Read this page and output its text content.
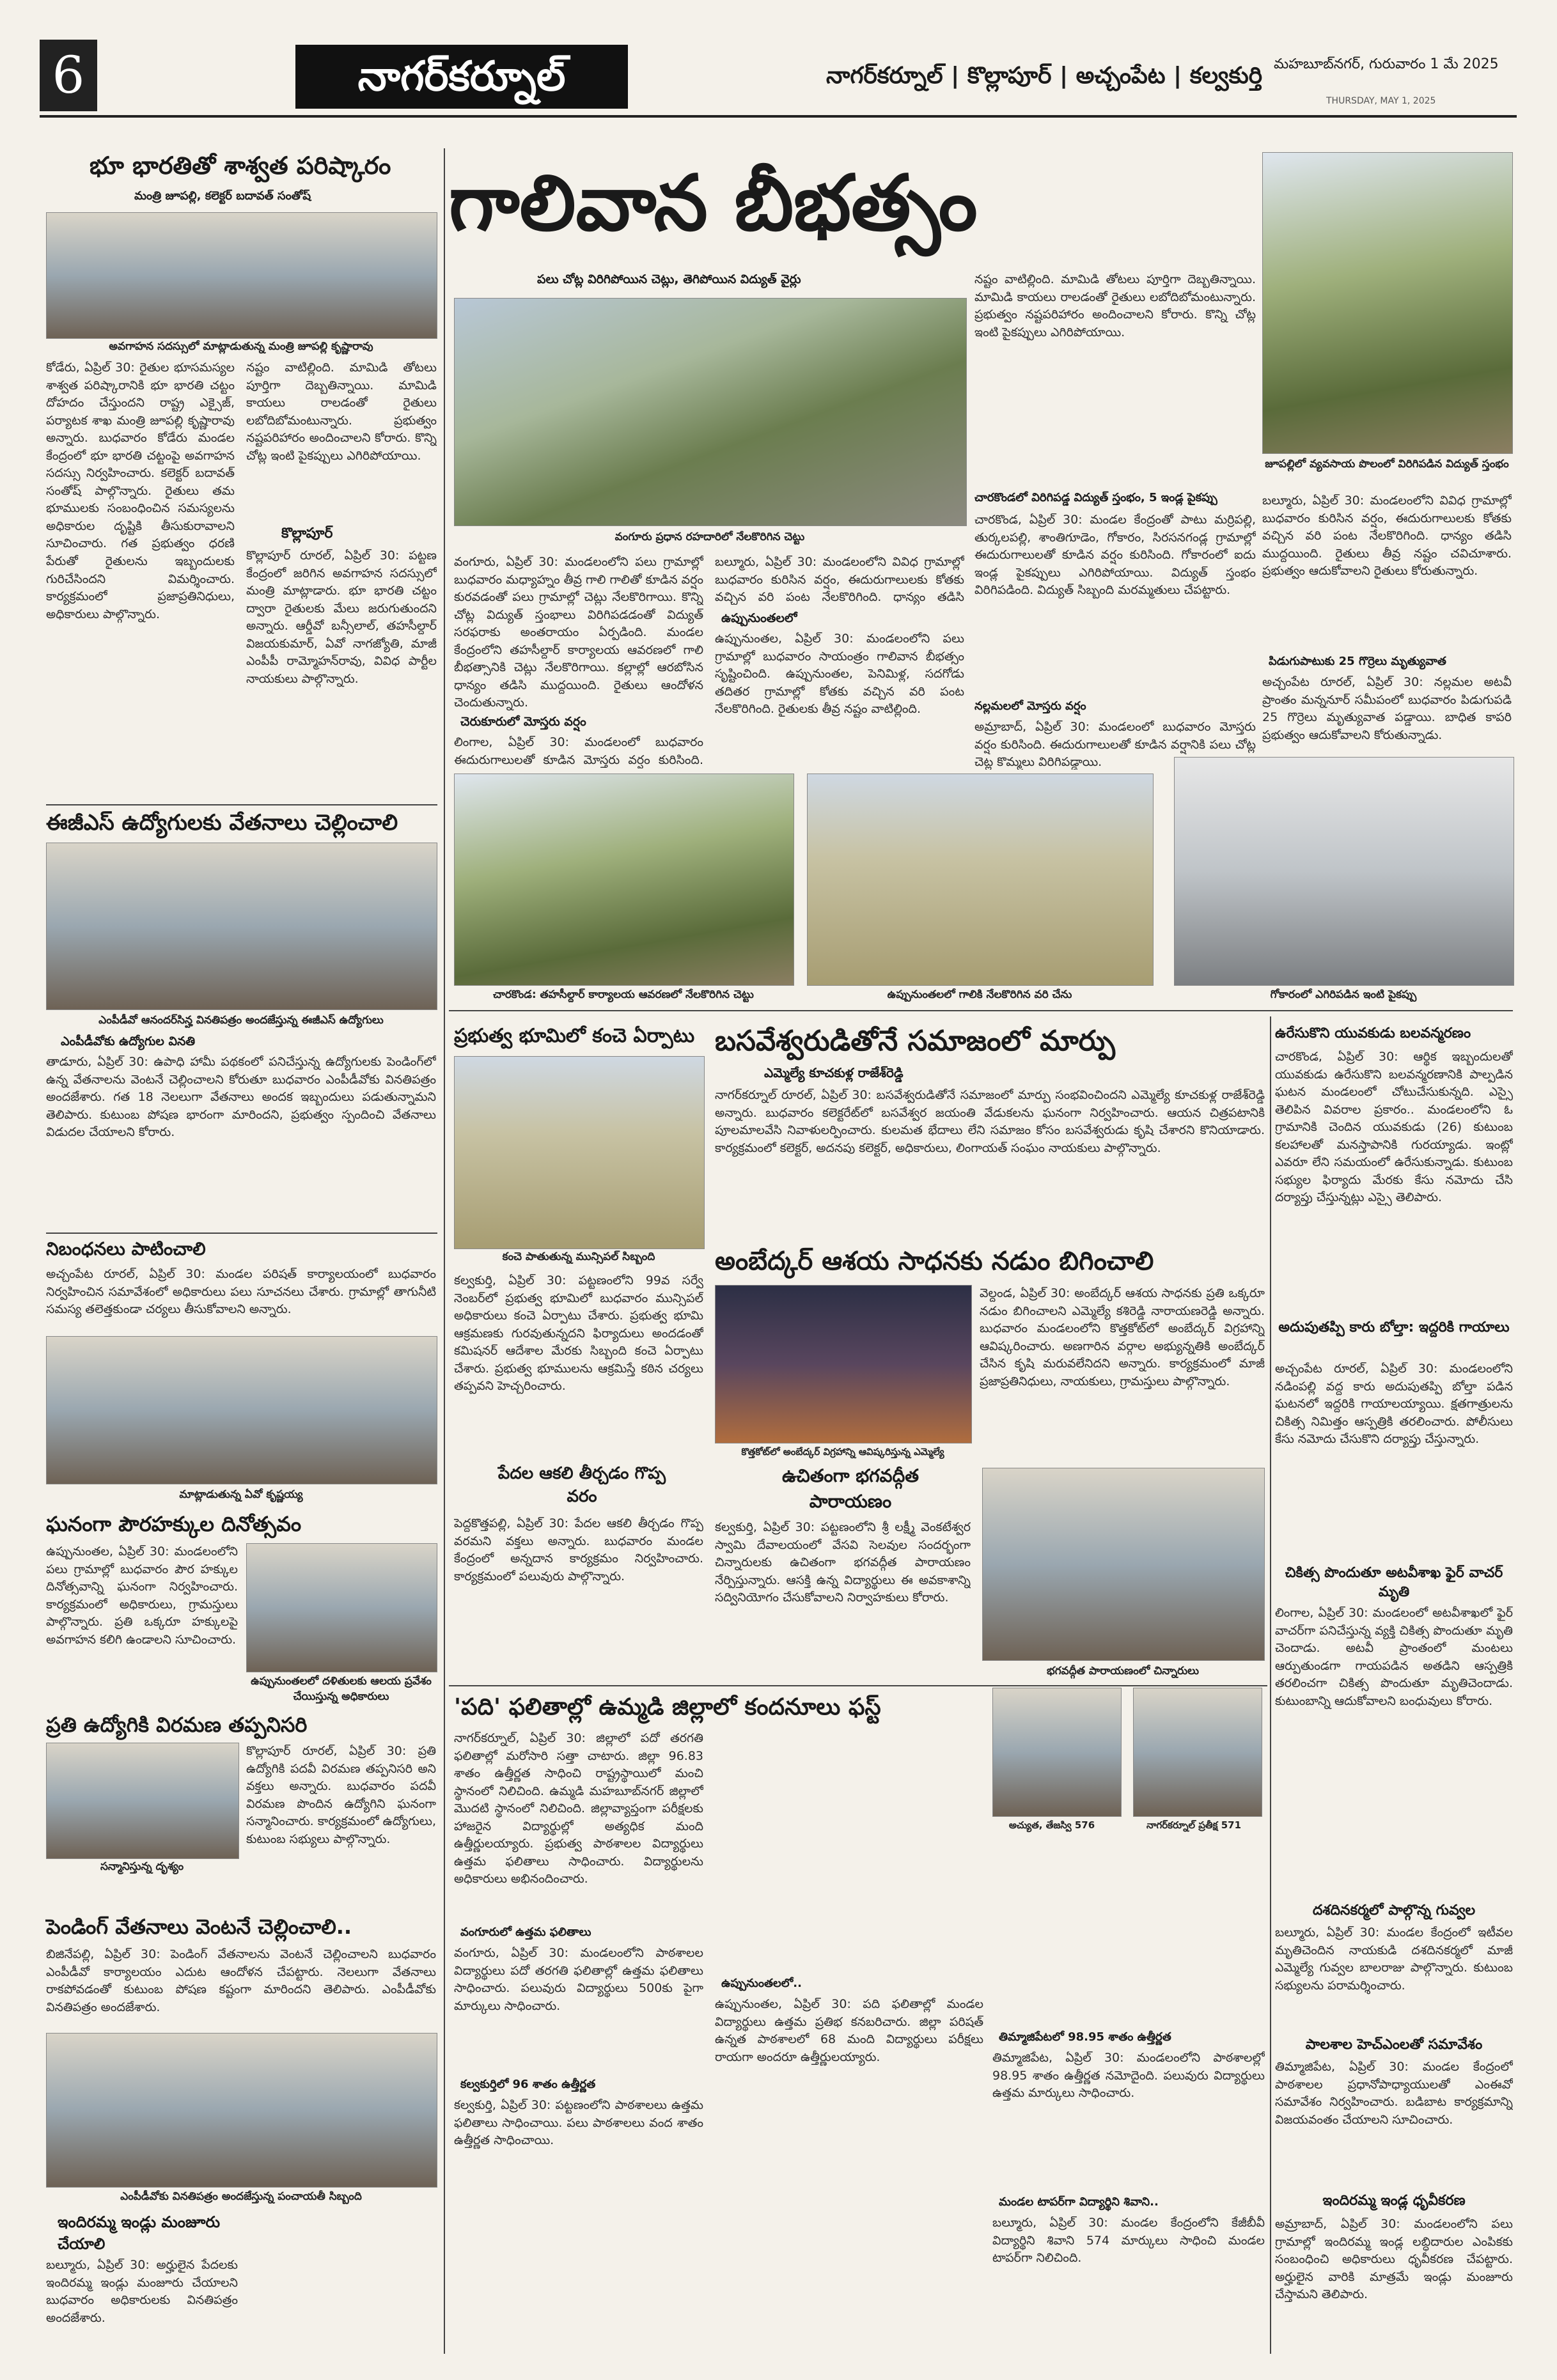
6	నాగర్‌కర్నూల్	నాగర్‌కర్నూల్ | కొల్లాపూర్ | అచ్చంపేట | కల్వకుర్తి మహబూబ్‌నగర్, గురువారం 1 మే 2025
THURSDAY, MAY 1, 2025
భూ భారతితో శాశ్వత పరిష్కారం
మంత్రి జూపల్లి, కలెక్టర్ బదావత్ సంతోష్
అవగాహన సదస్సులో మాట్లాడుతున్న మంత్రి జూపల్లి కృష్ణారావు
కోడేరు, ఏప్రిల్ 30: రైతుల భూసమస్యల శాశ్వత పరిష్కారానికి భూ భారతి చట్టం దోహదం చేస్తుందని రాష్ట్ర ఎక్సైజ్, పర్యాటక శాఖ మంత్రి జూపల్లి కృష్ణారావు అన్నారు. బుధవారం కోడేరు మండల కేంద్రంలో భూ భారతి చట్టంపై అవగాహన సదస్సు నిర్వహించారు. కలెక్టర్ బదావత్ సంతోష్ పాల్గొన్నారు. రైతులు తమ భూములకు సంబంధించిన సమస్యలను అధికారుల దృష్టికి తీసుకురావాలని సూచించారు. గత ప్రభుత్వం ధరణి పేరుతో రైతులను ఇబ్బందులకు గురిచేసిందని విమర్శించారు. కార్యక్రమంలో ప్రజాప్రతినిధులు, అధికారులు పాల్గొన్నారు.
నష్టం వాటిల్లింది. మామిడి తోటలు పూర్తిగా దెబ్బతిన్నాయి. మామిడి కాయలు రాలడంతో రైతులు లబోదిబోమంటున్నారు. ప్రభుత్వం నష్టపరిహారం అందించాలని కోరారు. కొన్ని చోట్ల ఇంటి పైకప్పులు ఎగిరిపోయాయి.
కొల్లాపూర్
కొల్లాపూర్ రూరల్, ఏప్రిల్ 30: పట్టణ కేంద్రంలో జరిగిన అవగాహన సదస్సులో మంత్రి మాట్లాడారు. భూ భారతి చట్టం ద్వారా రైతులకు మేలు జరుగుతుందని అన్నారు. ఆర్డీవో బన్సీలాల్, తహసీల్దార్ విజయకుమార్, ఏవో నాగజ్యోతి, మాజీ ఎంపీపీ రామ్మోహన్‌రావు, వివిధ పార్టీల నాయకులు పాల్గొన్నారు.
ఈజీఎస్ ఉద్యోగులకు వేతనాలు చెల్లించాలి
ఎంపీడీవో ఆనందర్‌సిన్హ వినతిపత్రం అందజేస్తున్న ఈజీఎస్ ఉద్యోగులు
ఎంపీడీవోకు ఉద్యోగుల వినతి
తాడూరు, ఏప్రిల్ 30: ఉపాధి హామీ పథకంలో పనిచేస్తున్న ఉద్యోగులకు పెండింగ్‌లో ఉన్న వేతనాలను వెంటనే చెల్లించాలని కోరుతూ బుధవారం ఎంపీడీవోకు వినతిపత్రం అందజేశారు. గత 18 నెలలుగా వేతనాలు అందక ఇబ్బందులు పడుతున్నామని తెలిపారు. కుటుంబ పోషణ భారంగా మారిందని, ప్రభుత్వం స్పందించి వేతనాలు విడుదల చేయాలని కోరారు.
నిబంధనలు పాటించాలి
అచ్చంపేట రూరల్, ఏప్రిల్ 30: మండల పరిషత్ కార్యాలయంలో బుధవారం నిర్వహించిన సమావేశంలో అధికారులు పలు సూచనలు చేశారు. గ్రామాల్లో తాగునీటి సమస్య తలెత్తకుండా చర్యలు తీసుకోవాలని అన్నారు.
మాట్లాడుతున్న ఏవో కృష్ణయ్య
ఘనంగా పౌరహక్కుల దినోత్సవం
ఉప్పునుంతల, ఏప్రిల్ 30: మండలంలోని పలు గ్రామాల్లో బుధవారం పౌర హక్కుల దినోత్సవాన్ని ఘనంగా నిర్వహించారు. కార్యక్రమంలో అధికారులు, గ్రామస్తులు పాల్గొన్నారు. ప్రతి ఒక్కరూ హక్కులపై అవగాహన కలిగి ఉండాలని సూచించారు.
ఉప్పునుంతలలో దళితులకు ఆలయ ప్రవేశం చేయిస్తున్న అధికారులు
ప్రతి ఉద్యోగికి విరమణ తప్పనిసరి
సన్మానిస్తున్న దృశ్యం
కొల్లాపూర్ రూరల్, ఏప్రిల్ 30: ప్రతి ఉద్యోగికి పదవీ విరమణ తప్పనిసరి అని వక్తలు అన్నారు. బుధవారం పదవీ విరమణ పొందిన ఉద్యోగిని ఘనంగా సన్మానించారు. కార్యక్రమంలో ఉద్యోగులు, కుటుంబ సభ్యులు పాల్గొన్నారు.
పెండింగ్ వేతనాలు వెంటనే చెల్లించాలి..
బిజినేపల్లి, ఏప్రిల్ 30: పెండింగ్ వేతనాలను వెంటనే చెల్లించాలని బుధవారం ఎంపీడీవో కార్యాలయం ఎదుట ఆందోళన చేపట్టారు. నెలలుగా వేతనాలు రాకపోవడంతో కుటుంబ పోషణ కష్టంగా మారిందని తెలిపారు. ఎంపీడీవోకు వినతిపత్రం అందజేశారు.
ఎంపీడీవోకు వినతిపత్రం అందజేస్తున్న పంచాయతీ సిబ్బంది
ఇందిరమ్మ ఇండ్లు మంజూరు చేయాలి
బల్మూరు, ఏప్రిల్ 30: అర్హులైన పేదలకు ఇందిరమ్మ ఇండ్లు మంజూరు చేయాలని బుధవారం అధికారులకు వినతిపత్రం అందజేశారు.
గాలివాన బీభత్సం
పలు చోట్ల విరిగిపోయిన చెట్లు, తెగిపోయిన విద్యుత్ వైర్లు
వంగూరు ప్రధాన రహదారిలో నేలకొరిగిన చెట్టు
వంగూరు, ఏప్రిల్ 30: మండలంలోని పలు గ్రామాల్లో బుధవారం మధ్యాహ్నం తీవ్ర గాలి గాలితో కూడిన వర్షం కురవడంతో పలు గ్రామాల్లో చెట్లు నేలకొరిగాయి. కొన్ని చోట్ల విద్యుత్ స్తంభాలు విరిగిపడడంతో విద్యుత్ సరఫరాకు అంతరాయం ఏర్పడింది. మండల కేంద్రంలోని తహసీల్దార్ కార్యాలయ ఆవరణలో గాలి బీభత్సానికి చెట్లు నేలకొరిగాయి. కల్లాల్లో ఆరబోసిన ధాన్యం తడిసి ముద్దయింది. రైతులు ఆందోళన చెందుతున్నారు.
చెరుకూరులో మోస్తరు వర్షం
లింగాల, ఏప్రిల్ 30: మండలంలో బుధవారం ఈదురుగాలులతో కూడిన మోస్తరు వర్షం కురిసింది.
బల్మూరు, ఏప్రిల్ 30: మండలంలోని వివిధ గ్రామాల్లో బుధవారం కురిసిన వర్షం, ఈదురుగాలులకు కోతకు వచ్చిన వరి పంట నేలకొరిగింది. ధాన్యం తడిసి
ఉప్పునుంతలలో
ఉప్పునుంతల, ఏప్రిల్ 30: మండలంలోని పలు గ్రామాల్లో బుధవారం సాయంత్రం గాలివాన బీభత్సం సృష్టించింది. ఉప్పునుంతల, పెనిమిళ్ల, సదగోడు తదితర గ్రామాల్లో కోతకు వచ్చిన వరి పంట నేలకొరిగింది. రైతులకు తీవ్ర నష్టం వాటిల్లింది.
నష్టం వాటిల్లింది. మామిడి తోటలు పూర్తిగా దెబ్బతిన్నాయి. మామిడి కాయలు రాలడంతో రైతులు లబోదిబోమంటున్నారు. ప్రభుత్వం నష్టపరిహారం అందించాలని కోరారు. కొన్ని చోట్ల ఇంటి పైకప్పులు ఎగిరిపోయాయి.
చారకొండలో విరిగిపడ్డ విద్యుత్ స్తంభం, 5 ఇండ్ల పైకప్పు
చారకొండ, ఏప్రిల్ 30: మండల కేంద్రంతో పాటు మర్రిపల్లి, తుర్కలపల్లి, శాంతిగూడెం, గోకారం, సిరసనగండ్ల గ్రామాల్లో ఈదురుగాలులతో కూడిన వర్షం కురిసింది. గోకారంలో ఐదు ఇండ్ల పైకప్పులు ఎగిరిపోయాయి. విద్యుత్ స్తంభం విరిగిపడింది. విద్యుత్ సిబ్బంది మరమ్మతులు చేపట్టారు.
నల్లమలలో మోస్తరు వర్షం
అమ్రాబాద్, ఏప్రిల్ 30: మండలంలో బుధవారం మోస్తరు వర్షం కురిసింది. ఈదురుగాలులతో కూడిన వర్షానికి పలు చోట్ల చెట్ల కొమ్మలు విరిగిపడ్డాయి.
జూపల్లిలో వ్యవసాయ పొలంలో విరిగిపడిన విద్యుత్ స్తంభం
బల్మూరు, ఏప్రిల్ 30: మండలంలోని వివిధ గ్రామాల్లో బుధవారం కురిసిన వర్షం, ఈదురుగాలులకు కోతకు వచ్చిన వరి పంట నేలకొరిగింది. ధాన్యం తడిసి ముద్దయింది. రైతులు తీవ్ర నష్టం చవిచూశారు. ప్రభుత్వం ఆదుకోవాలని రైతులు కోరుతున్నారు.
పిడుగుపాటుకు 25 గొర్రెలు మృత్యువాత
అచ్చంపేట రూరల్, ఏప్రిల్ 30: నల్లమల అటవీ ప్రాంతం మన్ననూర్ సమీపంలో బుధవారం పిడుగుపడి 25 గొర్రెలు మృత్యువాత పడ్డాయి. బాధిత కాపరి ప్రభుత్వం ఆదుకోవాలని కోరుతున్నాడు.
చారకొండ: తహసీల్దార్ కార్యాలయ ఆవరణలో నేలకొరిగిన చెట్టు	ఉప్పునుంతలలో గాలికి నేలకొరిగిన వరి చేను	గోకారంలో ఎగిరిపడిన ఇంటి పైకప్పు
ప్రభుత్వ భూమిలో కంచె ఏర్పాటు
కంచె పాతుతున్న మున్సిపల్ సిబ్బంది
కల్వకుర్తి, ఏప్రిల్ 30: పట్టణంలోని 99వ సర్వే నెంబర్‌లో ప్రభుత్వ భూమిలో బుధవారం మున్సిపల్ అధికారులు కంచె ఏర్పాటు చేశారు. ప్రభుత్వ భూమి ఆక్రమణకు గురవుతున్నదని ఫిర్యాదులు అందడంతో కమిషనర్ ఆదేశాల మేరకు సిబ్బంది కంచె ఏర్పాటు చేశారు. ప్రభుత్వ భూములను ఆక్రమిస్తే కఠిన చర్యలు తప్పవని హెచ్చరించారు.
పేదల ఆకలి తీర్చడం గొప్ప వరం
పెద్దకొత్తపల్లి, ఏప్రిల్ 30: పేదల ఆకలి తీర్చడం గొప్ప వరమని వక్తలు అన్నారు. బుధవారం మండల కేంద్రంలో అన్నదాన కార్యక్రమం నిర్వహించారు. కార్యక్రమంలో పలువురు పాల్గొన్నారు.
బసవేశ్వరుడితోనే సమాజంలో మార్పు
ఎమ్మెల్యే కూచకుళ్ల రాజేశ్‌రెడ్డి
నాగర్‌కర్నూల్ రూరల్, ఏప్రిల్ 30: బసవేశ్వరుడితోనే సమాజంలో మార్పు సంభవించిందని ఎమ్మెల్యే కూచకుళ్ల రాజేశ్‌రెడ్డి అన్నారు. బుధవారం కలెక్టరేట్‌లో బసవేశ్వర జయంతి వేడుకలను ఘనంగా నిర్వహించారు. ఆయన చిత్రపటానికి పూలమాలవేసి నివాళులర్పించారు. కులమత భేదాలు లేని సమాజం కోసం బసవేశ్వరుడు కృషి చేశారని కొనియాడారు. కార్యక్రమంలో కలెక్టర్, అదనపు కలెక్టర్, అధికారులు, లింగాయత్ సంఘం నాయకులు పాల్గొన్నారు.
అంబేద్కర్ ఆశయ సాధనకు నడుం బిగించాలి
కొత్తకోట్‌లో అంబేద్కర్ విగ్రహాన్ని ఆవిష్కరిస్తున్న ఎమ్మెల్యే
వెల్దండ, ఏప్రిల్ 30: అంబేద్కర్ ఆశయ సాధనకు ప్రతి ఒక్కరూ నడుం బిగించాలని ఎమ్మెల్యే కశిరెడ్డి నారాయణరెడ్డి అన్నారు. బుధవారం మండలంలోని కొత్తకోట్‌లో అంబేద్కర్ విగ్రహాన్ని ఆవిష్కరించారు. అణగారిన వర్గాల అభ్యున్నతికి అంబేద్కర్ చేసిన కృషి మరువలేనిదని అన్నారు. కార్యక్రమంలో మాజీ ప్రజాప్రతినిధులు, నాయకులు, గ్రామస్తులు పాల్గొన్నారు.
ఉచితంగా భగవద్గీత పారాయణం
కల్వకుర్తి, ఏప్రిల్ 30: పట్టణంలోని శ్రీ లక్ష్మీ వెంకటేశ్వర స్వామి దేవాలయంలో వేసవి సెలవుల సందర్భంగా చిన్నారులకు ఉచితంగా భగవద్గీత పారాయణం నేర్పిస్తున్నారు. ఆసక్తి ఉన్న విద్యార్థులు ఈ అవకాశాన్ని సద్వినియోగం చేసుకోవాలని నిర్వాహకులు కోరారు.
భగవద్గీత పారాయణంలో చిన్నారులు
'పది' ఫలితాల్లో ఉమ్మడి జిల్లాలో కందనూలు ఫస్ట్
నాగర్‌కర్నూల్, ఏప్రిల్ 30: జిల్లాలో పదో తరగతి ఫలితాల్లో మరోసారి సత్తా చాటారు. జిల్లా 96.83 శాతం ఉత్తీర్ణత సాధించి రాష్ట్రస్థాయిలో మంచి స్థానంలో నిలిచింది. ఉమ్మడి మహబూబ్‌నగర్ జిల్లాలో మొదటి స్థానంలో నిలిచింది. జిల్లావ్యాప్తంగా పరీక్షలకు హాజరైన విద్యార్థుల్లో అత్యధిక మంది ఉత్తీర్ణులయ్యారు. ప్రభుత్వ పాఠశాలల విద్యార్థులు ఉత్తమ ఫలితాలు సాధించారు. విద్యార్థులను అధికారులు అభినందించారు.
వంగూరులో ఉత్తమ ఫలితాలు
వంగూరు, ఏప్రిల్ 30: మండలంలోని పాఠశాలల విద్యార్థులు పదో తరగతి ఫలితాల్లో ఉత్తమ ఫలితాలు సాధించారు. పలువురు విద్యార్థులు 500కు పైగా మార్కులు సాధించారు.
కల్వకుర్తిలో 96 శాతం ఉత్తీర్ణత
కల్వకుర్తి, ఏప్రిల్ 30: పట్టణంలోని పాఠశాలలు ఉత్తమ ఫలితాలు సాధించాయి. పలు పాఠశాలలు వంద శాతం ఉత్తీర్ణత సాధించాయి.
ఉప్పునుంతలలో..
ఉప్పునుంతల, ఏప్రిల్ 30: పది ఫలితాల్లో మండల విద్యార్థులు ఉత్తమ ప్రతిభ కనబరిచారు. జిల్లా పరిషత్ ఉన్నత పాఠశాలలో 68 మంది విద్యార్థులు పరీక్షలు రాయగా అందరూ ఉత్తీర్ణులయ్యారు.
అచ్యుత, తేజస్వి 576	నాగర్‌కర్నూల్ ప్రతీక్ష 571
తిమ్మాజిపేటలో 98.95 శాతం ఉత్తీర్ణత
తిమ్మాజిపేట, ఏప్రిల్ 30: మండలంలోని పాఠశాలల్లో 98.95 శాతం ఉత్తీర్ణత నమోదైంది. పలువురు విద్యార్థులు ఉత్తమ మార్కులు సాధించారు.
మండల టాపర్‌గా విద్యార్థిని శివాని..
బల్మూరు, ఏప్రిల్ 30: మండల కేంద్రంలోని కేజీబీవీ విద్యార్థిని శివాని 574 మార్కులు సాధించి మండల టాపర్‌గా నిలిచింది.
ఉరేసుకొని యువకుడు బలవన్మరణం
చారకొండ, ఏప్రిల్ 30: ఆర్థిక ఇబ్బందులతో యువకుడు ఉరేసుకొని బలవన్మరణానికి పాల్పడిన ఘటన మండలంలో చోటుచేసుకున్నది. ఎస్సై తెలిపిన వివరాల ప్రకారం.. మండలంలోని ఓ గ్రామానికి చెందిన యువకుడు (26) కుటుంబ కలహాలతో మనస్తాపానికి గురయ్యాడు. ఇంట్లో ఎవరూ లేని సమయంలో ఉరేసుకున్నాడు. కుటుంబ సభ్యుల ఫిర్యాదు మేరకు కేసు నమోదు చేసి దర్యాప్తు చేస్తున్నట్లు ఎస్సై తెలిపారు.
అదుపుతప్పి కారు బోల్తా: ఇద్దరికి గాయాలు
అచ్చంపేట రూరల్, ఏప్రిల్ 30: మండలంలోని నడింపల్లి వద్ద కారు అదుపుతప్పి బోల్తా పడిన ఘటనలో ఇద్దరికి గాయాలయ్యాయి. క్షతగాత్రులను చికిత్స నిమిత్తం ఆస్పత్రికి తరలించారు. పోలీసులు కేసు నమోదు చేసుకొని దర్యాప్తు చేస్తున్నారు.
చికిత్స పొందుతూ అటవీశాఖ ఫైర్ వాచర్ మృతి
లింగాల, ఏప్రిల్ 30: మండలంలో అటవీశాఖలో ఫైర్ వాచర్‌గా పనిచేస్తున్న వ్యక్తి చికిత్స పొందుతూ మృతి చెందాడు. అటవీ ప్రాంతంలో మంటలు ఆర్పుతుండగా గాయపడిన అతడిని ఆస్పత్రికి తరలించగా చికిత్స పొందుతూ మృతిచెందాడు. కుటుంబాన్ని ఆదుకోవాలని బంధువులు కోరారు.
దశదినకర్మలో పాల్గొన్న గువ్వల
బల్మూరు, ఏప్రిల్ 30: మండల కేంద్రంలో ఇటీవల మృతిచెందిన నాయకుడి దశదినకర్మలో మాజీ ఎమ్మెల్యే గువ్వల బాలరాజు పాల్గొన్నారు. కుటుంబ సభ్యులను పరామర్శించారు.
పాలశాల హెచ్‌ఎంలతో సమావేశం
తిమ్మాజిపేట, ఏప్రిల్ 30: మండల కేంద్రంలో పాఠశాలల ప్రధానోపాధ్యాయులతో ఎంఈవో సమావేశం నిర్వహించారు. బడిబాట కార్యక్రమాన్ని విజయవంతం చేయాలని సూచించారు.
ఇందిరమ్మ ఇండ్ల ధృవీకరణ
అమ్రాబాద్, ఏప్రిల్ 30: మండలంలోని పలు గ్రామాల్లో ఇందిరమ్మ ఇండ్ల లబ్ధిదారుల ఎంపికకు సంబంధించి అధికారులు ధృవీకరణ చేపట్టారు. అర్హులైన వారికి మాత్రమే ఇండ్లు మంజూరు చేస్తామని తెలిపారు.
